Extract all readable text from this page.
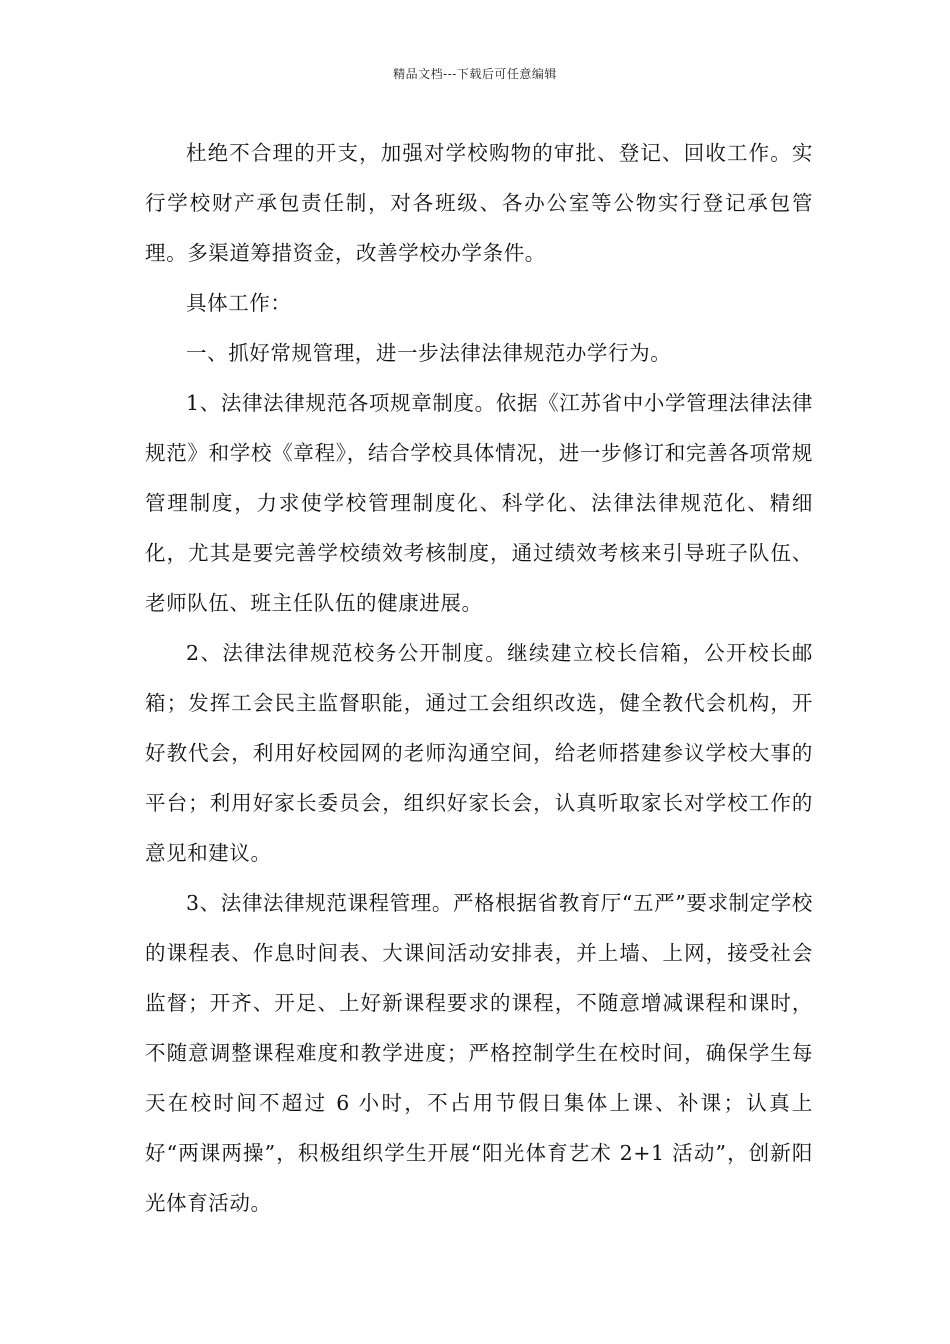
精品文档---下载后可任意编辑

杜绝不合理的开支，加强对学校购物的审批、登记、回收工作。实行学校财产承包责任制，对各班级、各办公室等公物实行登记承包管理。多渠道筹措资金，改善学校办学条件。

具体工作：

一、抓好常规管理，进一步法律法律规范办学行为。

1、法律法律规范各项规章制度。依据《江苏省中小学管理法律法律规范》和学校《章程》，结合学校具体情况，进一步修订和完善各项常规管理制度，力求使学校管理制度化、科学化、法律法律规范化、精细化，尤其是要完善学校绩效考核制度，通过绩效考核来引导班子队伍、老师队伍、班主任队伍的健康进展。

2、法律法律规范校务公开制度。继续建立校长信箱，公开校长邮箱；发挥工会民主监督职能，通过工会组织改选，健全教代会机构，开好教代会，利用好校园网的老师沟通空间，给老师搭建参议学校大事的平台；利用好家长委员会，组织好家长会，认真听取家长对学校工作的意见和建议。

3、法律法律规范课程管理。严格根据省教育厅“五严”要求制定学校的课程表、作息时间表、大课间活动安排表，并上墙、上网，接受社会监督；开齐、开足、上好新课程要求的课程，不随意增减课程和课时，不随意调整课程难度和教学进度；严格控制学生在校时间，确保学生每天在校时间不超过 6 小时，不占用节假日集体上课、补课；认真上好“两课两操”，积极组织学生开展“阳光体育艺术 2+1 活动”，创新阳光体育活动。
